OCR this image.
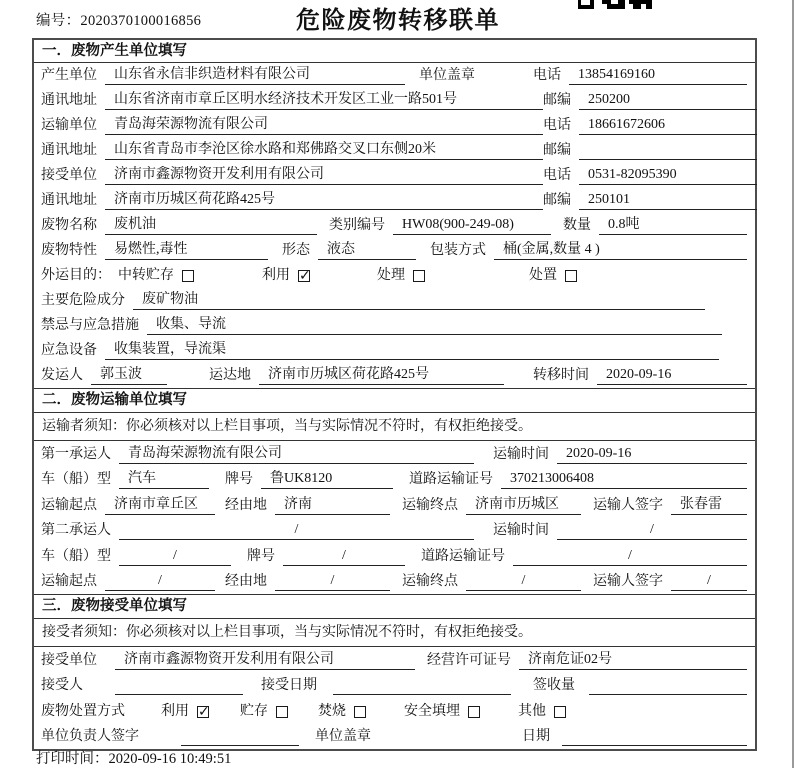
编号：2020370100016856	危险废物转移联单
一．废物产生单位填写
产生单位	山东省永信非织造材料有限公司	单位盖章	电话	13854169160
通讯地址	山东省济南市章丘区明水经济技术开发区工业一路501号	邮编	250200
运输单位	青岛海荣源物流有限公司	电话	18661672606
通讯地址	山东省青岛市李沧区徐水路和郑佛路交叉口东侧20米	邮编
接受单位	济南市鑫源物资开发利用有限公司	电话	0531-82095390
通讯地址	济南市历城区荷花路425号	邮编	250101
废物名称	废机油	类别编号	HW08(900-249-08)	数量	0.8吨
废物特性	易燃性,毒性	形态	液态	包装方式	桶(金属,数量 4 )
外运目的： 中转贮存	利用 ✓	处理	处置
主要危险成分	废矿物油
禁忌与应急措施	收集、导流
应急设备	收集装置，导流渠
发运人	郭玉波	运达地	济南市历城区荷花路425号	转移时间	2020-09-16
二．废物运输单位填写
运输者须知：你必须核对以上栏目事项，当与实际情况不符时，有权拒绝接受。
第一承运人	青岛海荣源物流有限公司	运输时间	2020-09-16
车（船）型	汽车	牌号	鲁UK8120	道路运输证号	370213006408
运输起点	济南市章丘区	经由地	济南	运输终点	济南市历城区	运输人签字	张春雷
第二承运人	/	运输时间	/
车（船）型	/	牌号	/	道路运输证号	/
运输起点	/	经由地	/	运输终点	/	运输人签字	/
三．废物接受单位填写
接受者须知：你必须核对以上栏目事项，当与实际情况不符时，有权拒绝接受。
接受单位	济南市鑫源物资开发利用有限公司	经营许可证号	济南危证02号
接受人	接受日期	签收量
废物处置方式	利用 ✓	贮存	焚烧	安全填埋	其他
单位负责人签字	单位盖章	日期
打印时间：2020-09-16 10:49:51
